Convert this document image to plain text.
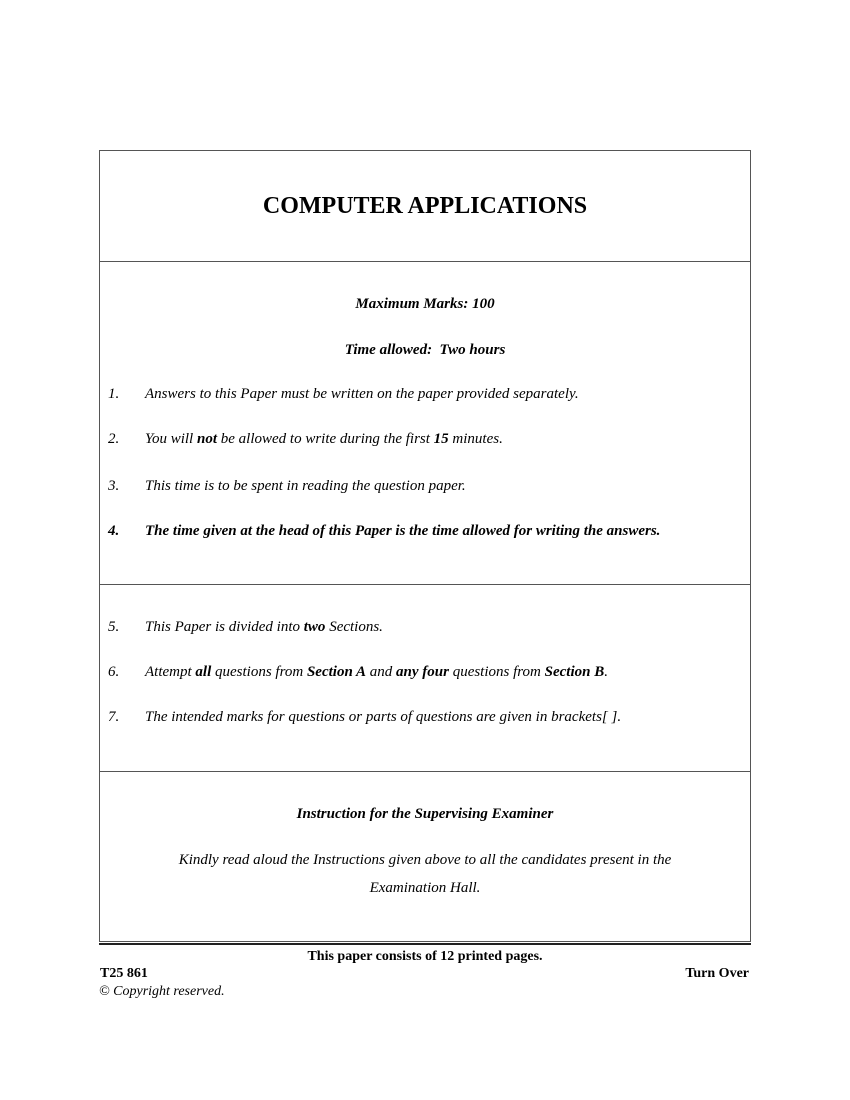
COMPUTER APPLICATIONS
Maximum Marks: 100
Time allowed:  Two hours
1. Answers to this Paper must be written on the paper provided separately.
2. You will not be allowed to write during the first 15 minutes.
3. This time is to be spent in reading the question paper.
4. The time given at the head of this Paper is the time allowed for writing the answers.
5. This Paper is divided into two Sections.
6. Attempt all questions from Section A and any four questions from Section B.
7. The intended marks for questions or parts of questions are given in brackets[ ].
Instruction for the Supervising Examiner
Kindly read aloud the Instructions given above to all the candidates present in the Examination Hall.
This paper consists of 12 printed pages.
T25 861	Turn Over
© Copyright reserved.
